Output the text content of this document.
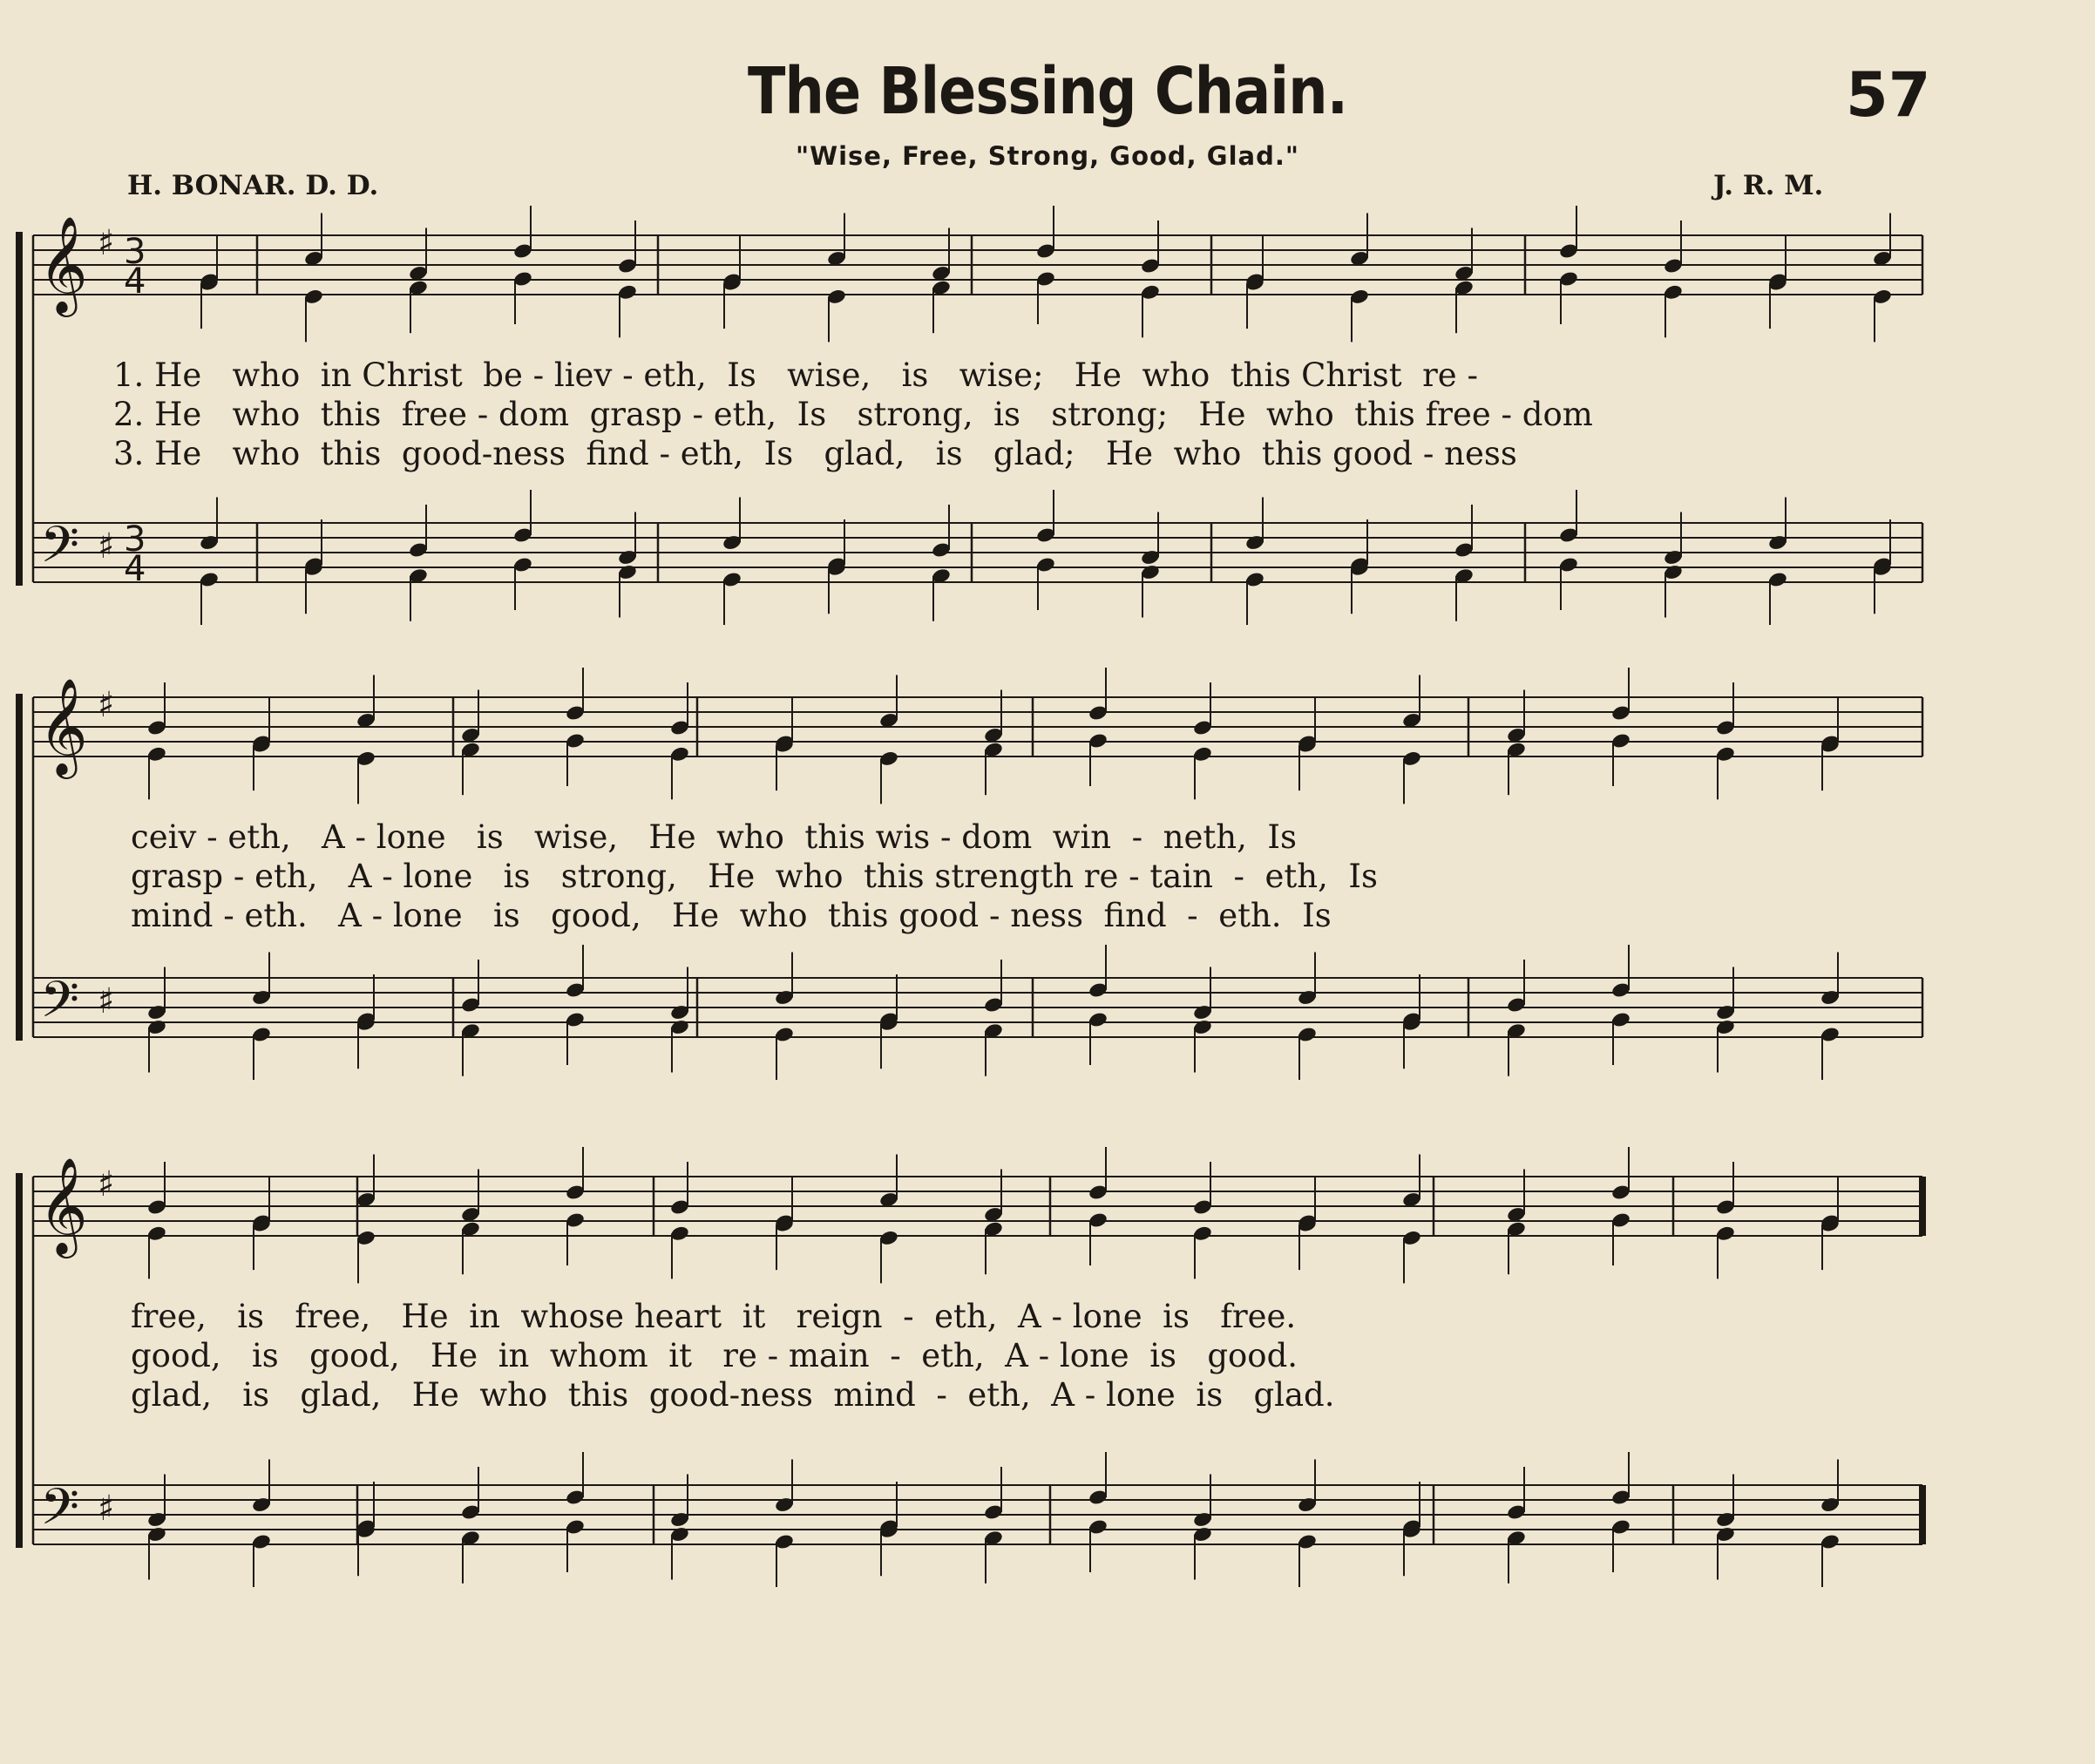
The Blessing Chain.	57
"Wise, Free, Strong, Good, Glad."
H. BONAR. D. D.	J. R. M.
𝄞
𝄢
♯
♯
3
4
3
4
𝄞
𝄢
♯
♯
𝄞
𝄢
♯
♯
1. He   who  in Christ  be - liev - eth,  Is   wise,   is   wise;   He  who  this Christ  re -
2. He   who  this  free - dom  grasp - eth,  Is   strong,  is   strong;   He  who  this free - dom
3. He   who  this  good-ness  find - eth,  Is   glad,   is   glad;   He  who  this good - ness
ceiv - eth,   A - lone   is   wise,   He  who  this wis - dom  win  -  neth,  Is
grasp - eth,   A - lone   is   strong,   He  who  this strength re - tain  -  eth,  Is
mind - eth.   A - lone   is   good,   He  who  this good - ness  find  -  eth.  Is
free,   is   free,   He  in  whose heart  it   reign  -  eth,  A - lone  is   free.
good,   is   good,   He  in  whom  it   re - main  -  eth,  A - lone  is   good.
glad,   is   glad,   He  who  this  good-ness  mind  -  eth,  A - lone  is   glad.
